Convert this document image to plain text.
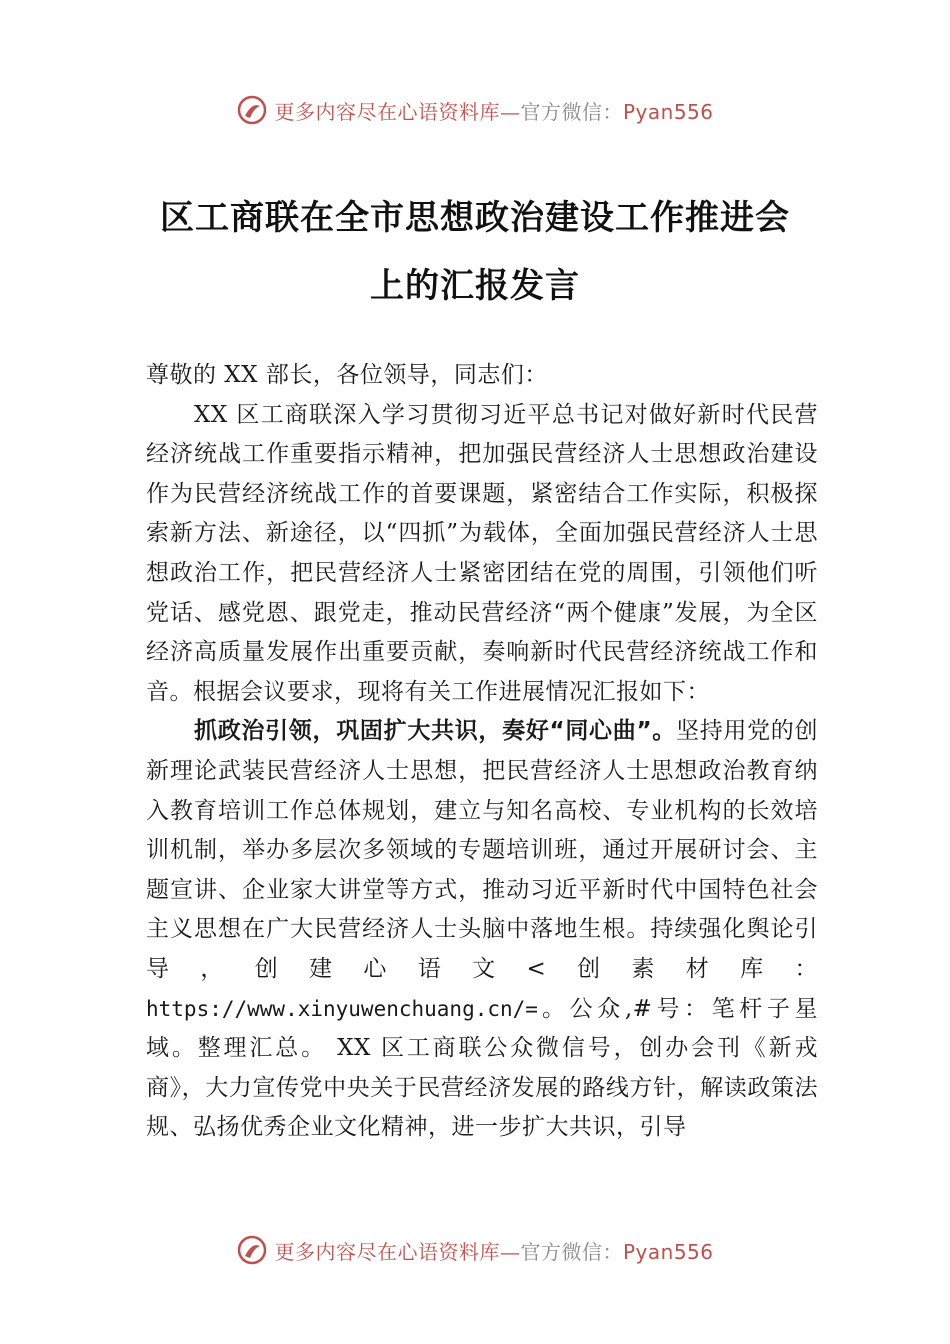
更多内容尽在心语资料库—官方微信：Pyan556
区工商联在全市思想政治建设工作推进会
上的汇报发言

尊敬的 XX 部长，各位领导，同志们：

XX 区工商联深入学习贯彻习近平总书记对做好新时代民营经济统战工作重要指示精神，把加强民营经济人士思想政治建设作为民营经济统战工作的首要课题，紧密结合工作实际，积极探索新方法、新途径，以“四抓”为载体，全面加强民营经济人士思想政治工作，把民营经济人士紧密团结在党的周围，引领他们听党话、感党恩、跟党走，推动民营经济“两个健康”发展，为全区经济高质量发展作出重要贡献，奏响新时代民营经济统战工作和音。根据会议要求，现将有关工作进展情况汇报如下：

抓政治引领，巩固扩大共识，奏好“同心曲”。坚持用党的创新理论武装民营经济人士思想，把民营经济人士思想政治教育纳入教育培训工作总体规划，建立与知名高校、专业机构的长效培训机制，举办多层次多领域的专题培训班，通过开展研讨会、主题宣讲、企业家大讲堂等方式，推动习近平新时代中国特色社会主义思想在广大民营经济人士头脑中落地生根。持续强化舆论引导，创建心语文<创素材库：https://www.xinyuwenchuang.cn/=。公众,#号：笔杆子星域。整理汇总。 XX 区工商联公众微信号，创办会刊《新戎商》，大力宣传党中央关于民营经济发展的路线方针，解读政策法规、弘扬优秀企业文化精神，进一步扩大共识，引导

更多内容尽在心语资料库—官方微信：Pyan556
